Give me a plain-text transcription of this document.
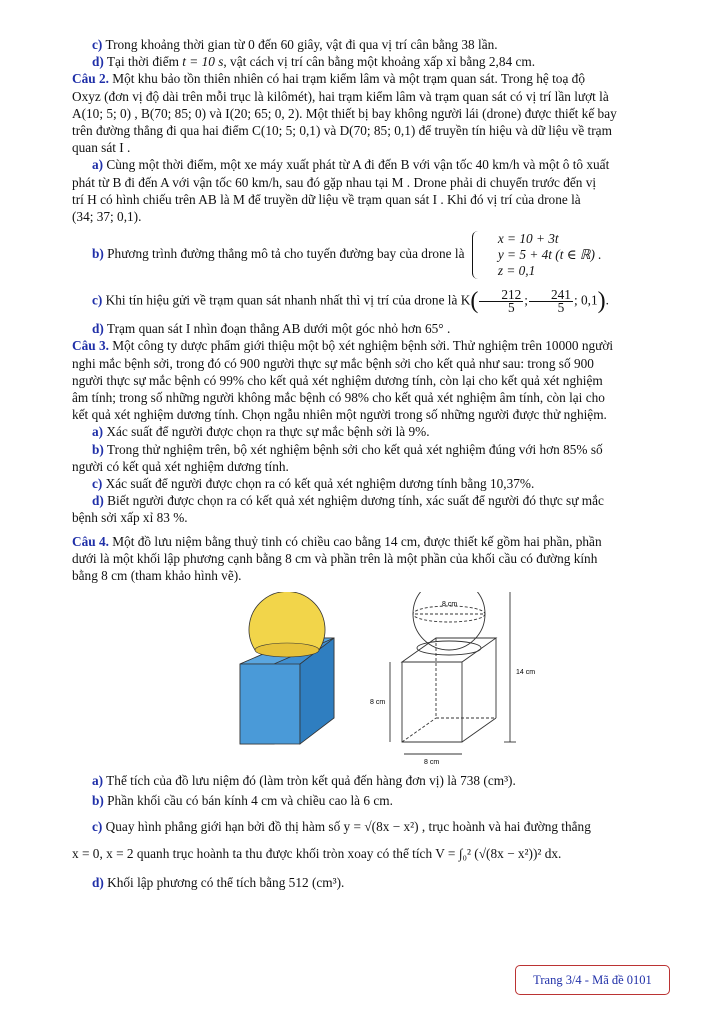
c) Trong khoảng thời gian từ 0 đến 60 giây, vật đi qua vị trí cân bằng 38 lần.

d) Tại thời điểm t = 10 s, vật cách vị trí cân bằng một khoảng xấp xỉ bằng 2,84 cm.

Câu 2. Một khu bảo tồn thiên nhiên có hai trạm kiểm lâm và một trạm quan sát. Trong hệ toạ độ

Oxyz (đơn vị độ dài trên mỗi trục là kilômét), hai trạm kiểm lâm và trạm quan sát có vị trí lần lượt là

A(10; 5; 0) , B(70; 85; 0) và I(20; 65; 0, 2). Một thiết bị bay không người lái (drone) được thiết kế bay

trên đường thẳng đi qua hai điểm C(10; 5; 0,1) và D(70; 85; 0,1) để truyền tín hiệu và dữ liệu về trạm

quan sát I .

a) Cùng một thời điểm, một xe máy xuất phát từ A đi đến B với vận tốc 40 km/h và một ô tô xuất

phát từ B đi đến A với vận tốc 60 km/h, sau đó gặp nhau tại M . Drone phải di chuyển trước đến vị

trí H có hình chiếu trên AB là M để truyền dữ liệu về trạm quan sát I . Khi đó vị trí của drone là

(34; 37; 0,1).

b) Phương trình đường thẳng mô tả cho tuyến đường bay của drone là
x = 10 + 3t
y = 5 + 4t (t ∈ ℝ) .
z = 0,1

c) Khi tín hiệu gửi về trạm quan sát nhanh nhất thì vị trí của drone là $K( \frac{212}{5}$ ; $\frac{241}{5}$ ; 0,1).

d) Trạm quan sát I nhìn đoạn thẳng AB dưới một góc nhỏ hơn 65° .

Câu 3. Một công ty dược phẩm giới thiệu một bộ xét nghiệm bệnh sởi. Thử nghiệm trên 10000 người

nghi mắc bệnh sởi, trong đó có 900 người thực sự mắc bệnh sởi cho kết quả như sau: trong số 900

người thực sự mắc bệnh có 99% cho kết quả xét nghiệm dương tính, còn lại cho kết quả xét nghiệm

âm tính; trong số những người không mắc bệnh có 98% cho kết quả xét nghiệm âm tính, còn lại cho

kết quả xét nghiệm dương tính. Chọn ngẫu nhiên một người trong số những người được thử nghiệm.

a) Xác suất để người được chọn ra thực sự mắc bệnh sởi là 9%.

b) Trong thử nghiệm trên, bộ xét nghiệm bệnh sởi cho kết quả xét nghiệm đúng với hơn 85% số

người có kết quả xét nghiệm dương tính.

c) Xác suất để người được chọn ra có kết quả xét nghiệm dương tính bằng 10,37%.

d) Biết người được chọn ra có kết quả xét nghiệm dương tính, xác suất để người đó thực sự mắc

bệnh sởi xấp xỉ 83 %.

Câu 4. Một đồ lưu niệm bằng thuỷ tinh có chiều cao bằng 14 cm, được thiết kế gồm hai phần, phần

dưới là một khối lập phương cạnh bằng 8 cm và phần trên là một phần của khối cầu có đường kính

bằng 8 cm (tham khảo hình vẽ).

8 cm
14 cm
8 cm
8 cm

a) Thể tích của đồ lưu niệm đó (làm tròn kết quả đến hàng đơn vị) là 738 (cm³).

b) Phần khối cầu có bán kính 4 cm và chiều cao là 6 cm.

c) Quay hình phẳng giới hạn bởi đồ thị hàm số y = √(8x − x²) , trục hoành và hai đường thẳng

x = 0, x = 2 quanh trục hoành ta thu được khối tròn xoay có thể tích V = ∫₀² (√(8x − x²))² dx.

d) Khối lập phương có thể tích bằng 512 (cm³).

Trang 3/4 - Mã đề 0101
